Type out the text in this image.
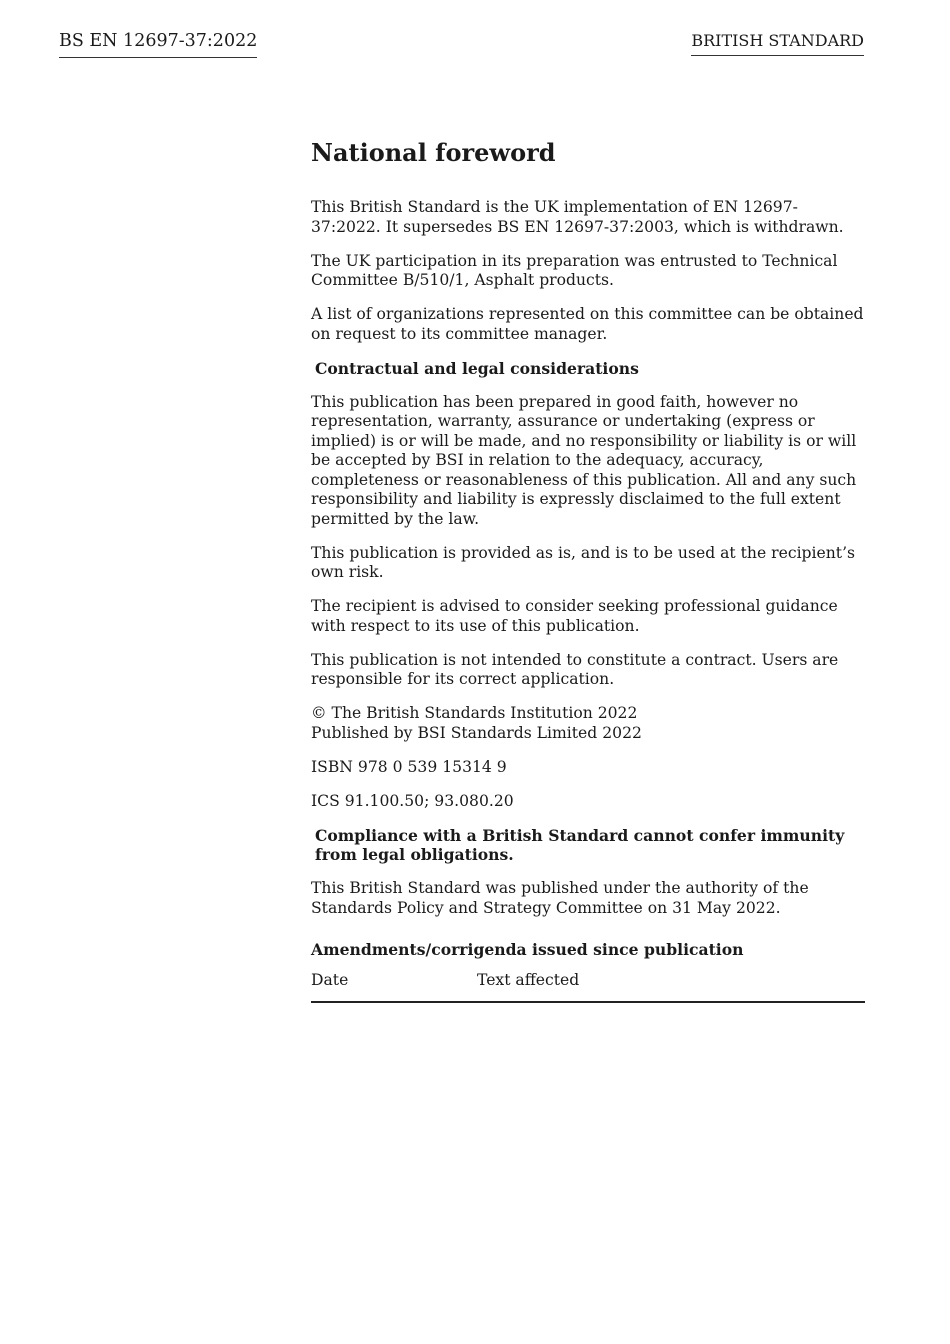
BS EN 12697-37:2022	BRITISH STANDARD
National foreword
This British Standard is the UK implementation of EN 12697-37:2022. It supersedes BS EN 12697-37:2003, which is withdrawn.
The UK participation in its preparation was entrusted to Technical Committee B/510/1, Asphalt products.
A list of organizations represented on this committee can be obtained on request to its committee manager.
Contractual and legal considerations
This publication has been prepared in good faith, however no representation, warranty, assurance or undertaking (express or implied) is or will be made, and no responsibility or liability is or will be accepted by BSI in relation to the adequacy, accuracy, completeness or reasonableness of this publication. All and any such responsibility and liability is expressly disclaimed to the full extent permitted by the law.
This publication is provided as is, and is to be used at the recipient’s own risk.
The recipient is advised to consider seeking professional guidance with respect to its use of this publication.
This publication is not intended to constitute a contract. Users are responsible for its correct application.
© The British Standards Institution 2022
Published by BSI Standards Limited 2022
ISBN 978 0 539 15314 9
ICS 91.100.50; 93.080.20
Compliance with a British Standard cannot confer immunity from legal obligations.
This British Standard was published under the authority of the Standards Policy and Strategy Committee on 31 May 2022.
Amendments/corrigenda issued since publication
Date	Text affected
